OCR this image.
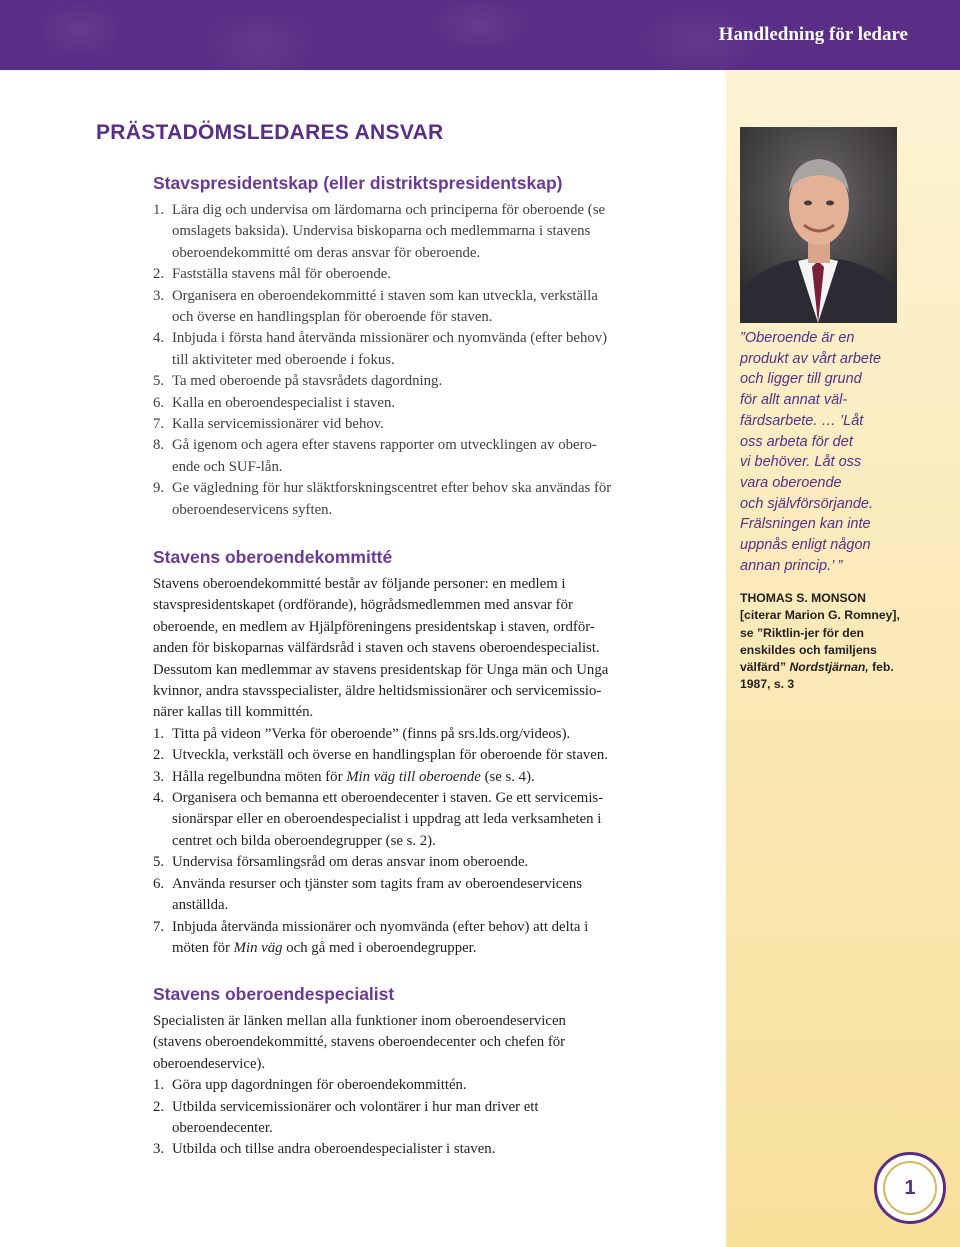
Handledning för ledare

”Oberoende är en
produkt av vårt arbete
och ligger till grund
för allt annat väl-
färdsarbete. … ’Låt
oss arbeta för det
vi behöver. Låt oss
vara oberoende
och självförsörjande.
Frälsningen kan inte
uppnås enligt någon
annan princip.’ ”

THOMAS S. MONSON [citerar Marion G. Romney], se ”Riktlin-jer för den enskildes och familjens välfärd” Nordstjärnan, feb. 1987, s. 3

PRÄSTADÖMSLEDARES ANSVAR
Stavspresidentskap (eller distriktspresidentskap)
1. Lära dig och undervisa om lärdomarna och principerna för oberoende (se
omslagets baksida). Undervisa biskoparna och medlemmarna i stavens
oberoendekommitté om deras ansvar för oberoende.
2. Fastställa stavens mål för oberoende.
3. Organisera en oberoendekommitté i staven som kan utveckla, verkställa
och överse en handlingsplan för oberoende för staven.
4. Inbjuda i första hand återvända missionärer och nyomvända (efter behov)
till aktiviteter med oberoende i fokus.
5. Ta med oberoende på stavsrådets dagordning.
6. Kalla en oberoendespecialist i staven.
7. Kalla servicemissionärer vid behov.
8. Gå igenom och agera efter stavens rapporter om utvecklingen av obero-
ende och SUF-lån.
9. Ge vägledning för hur släktforskningscentret efter behov ska användas för
oberoendeservicens syften.
Stavens oberoendekommitté

Stavens oberoendekommitté består av följande personer: en medlem i
stavspresidentskapet (ordförande), högrådsmedlemmen med ansvar för
oberoende, en medlem av Hjälpföreningens presidentskap i staven, ordför-
anden för biskoparnas välfärdsråd i staven och stavens oberoendespecialist.
Dessutom kan medlemmar av stavens presidentskap för Unga män och Unga
kvinnor, andra stavsspecialister, äldre heltidsmissionärer och servicemissio-
närer kallas till kommittén.

1. Titta på videon ”Verka för oberoende” (finns på srs.lds.org/videos).
2. Utveckla, verkställ och överse en handlingsplan för oberoende för staven.
3. Hålla regelbundna möten för Min väg till oberoende (se s. 4).
4. Organisera och bemanna ett oberoendecenter i staven. Ge ett servicemis-
sionärspar eller en oberoendespecialist i uppdrag att leda verksamheten i
centret och bilda oberoendegrupper (se s. 2).
5. Undervisa församlingsråd om deras ansvar inom oberoende.
6. Använda resurser och tjänster som tagits fram av oberoendeservicens
anställda.
7. Inbjuda återvända missionärer och nyomvända (efter behov) att delta i
möten för Min väg och gå med i oberoendegrupper.
Stavens oberoendespecialist

Specialisten är länken mellan alla funktioner inom oberoendeservicen
(stavens oberoendekommitté, stavens oberoendecenter och chefen för
oberoendeservice).

1. Göra upp dagordningen för oberoendekommittén.
2. Utbilda servicemissionärer och volontärer i hur man driver ett
oberoendecenter.
3. Utbilda och tillse andra oberoendespecialister i staven.
1
